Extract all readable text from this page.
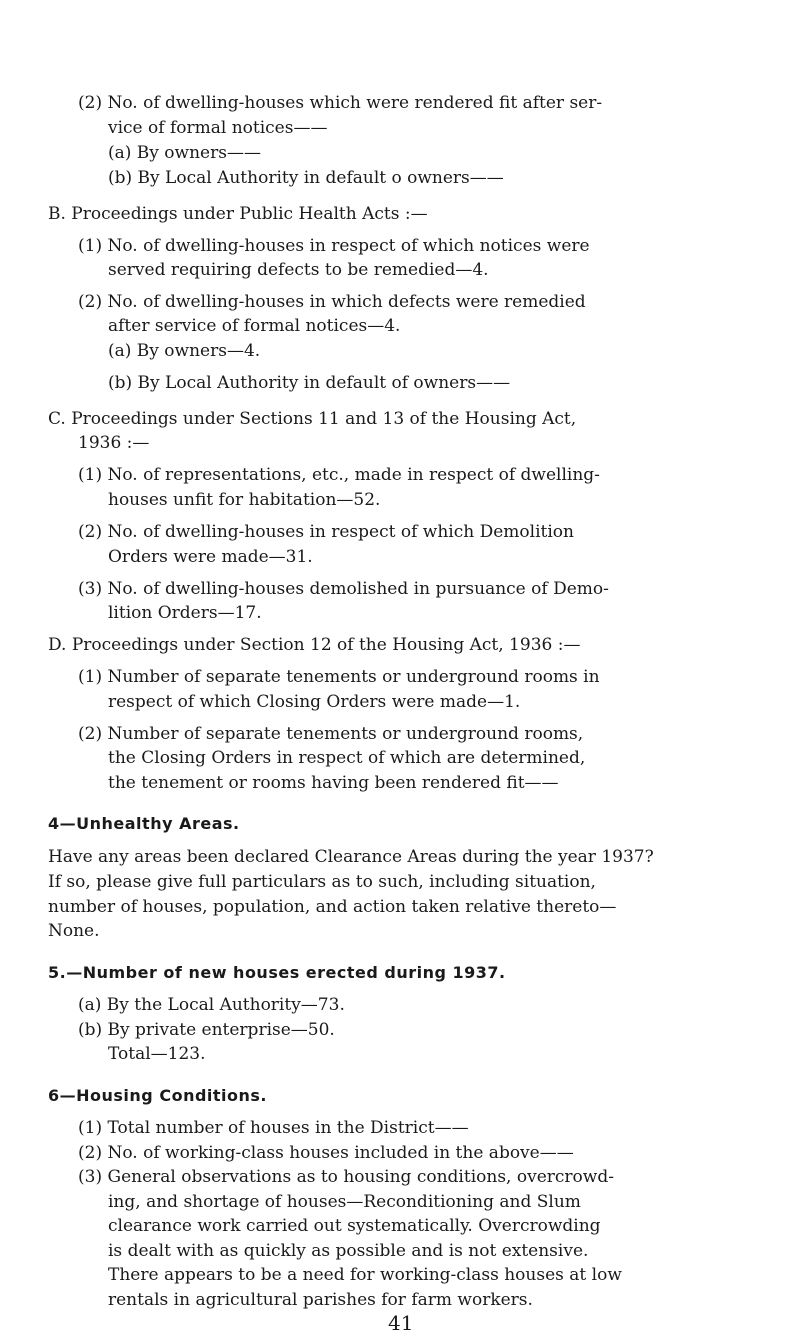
(2) No. of dwelling-houses which were rendered fit after ser-
vice of formal notices——
(a) By owners——
(b) By Local Authority in default o owners——
B. Proceedings under Public Health Acts :—
(1) No. of dwelling-houses in respect of which notices were
served requiring defects to be remedied—4.
(2) No. of dwelling-houses in which defects were remedied
after service of formal notices—4.
(a) By owners—4.
(b) By Local Authority in default of owners——
C. Proceedings under Sections 11 and 13 of the Housing Act,
1936 :—
(1) No. of representations, etc., made in respect of dwelling-
houses unfit for habitation—52.
(2) No. of dwelling-houses in respect of which Demolition
Orders were made—31.
(3) No. of dwelling-houses demolished in pursuance of Demo-
lition Orders—17.
D. Proceedings under Section 12 of the Housing Act, 1936 :—
(1) Number of separate tenements or underground rooms in
respect of which Closing Orders were made—1.
(2) Number of separate tenements or underground rooms,
the Closing Orders in respect of which are determined,
the tenement or rooms having been rendered fit——
4—Unhealthy Areas.
Have any areas been declared Clearance Areas during the year 1937?
If so, please give full particulars as to such, including situation,
number of houses, population, and action taken relative thereto—
None.
5.—Number of new houses erected during 1937.
(a) By the Local Authority—73.
(b) By private enterprise—50.
Total—123.
6—Housing Conditions.
(1) Total number of houses in the District——
(2) No. of working-class houses included in the above——
(3) General observations as to housing conditions, overcrowd-
ing, and shortage of houses—Reconditioning and Slum
clearance work carried out systematically. Overcrowding
is dealt with as quickly as possible and is not extensive.
There appears to be a need for working-class houses at low
rentals in agricultural parishes for farm workers.
41
